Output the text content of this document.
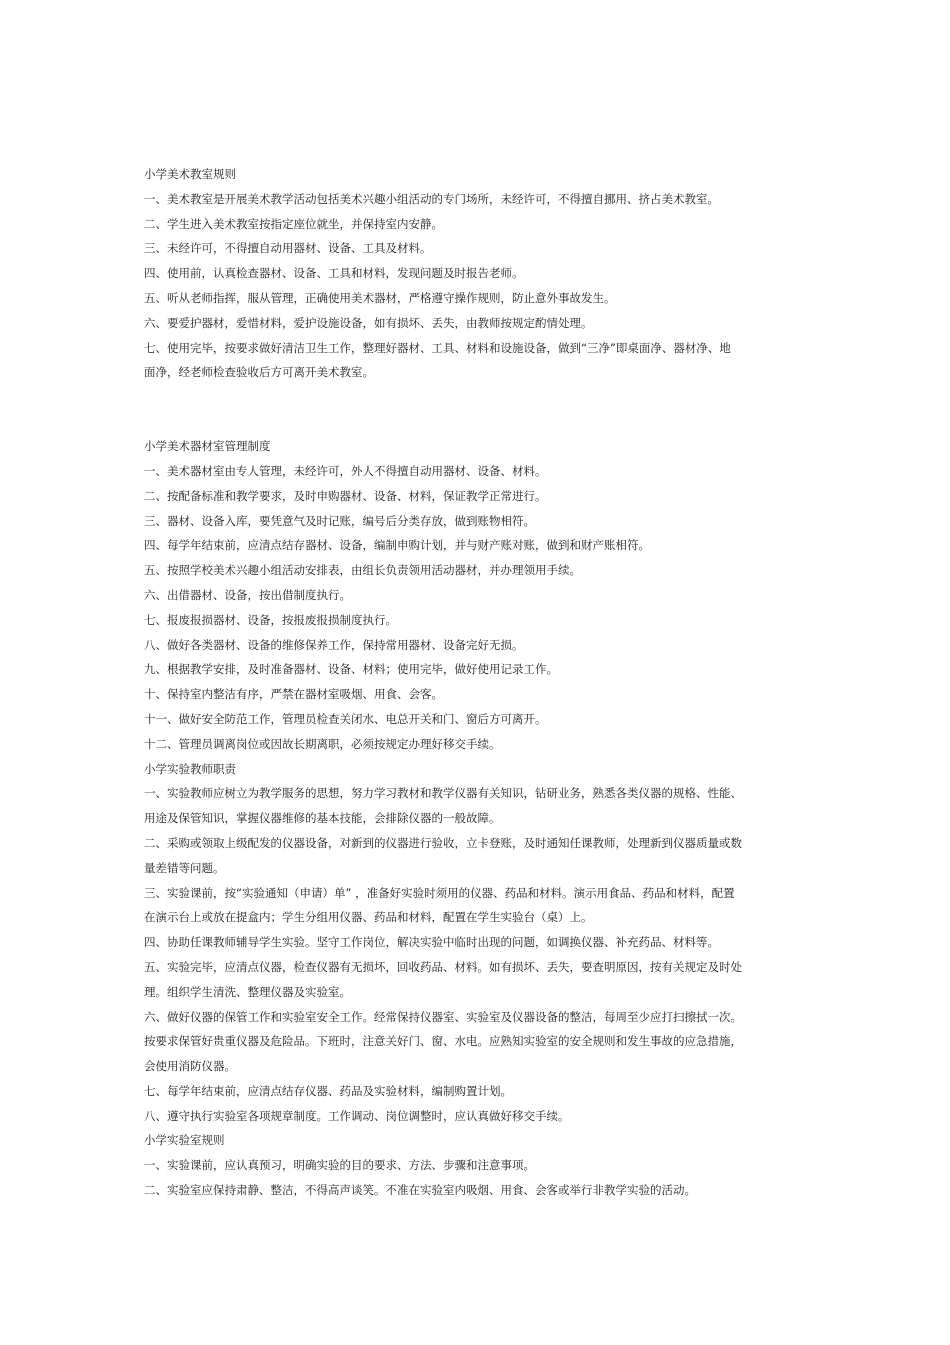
小学美术教室规则

一、美术教室是开展美术教学活动包括美术兴趣小组活动的专门场所，未经许可，不得擅自挪用、挤占美术教室。

二、学生进入美术教室按指定座位就坐，并保持室内安静。

三、未经许可，不得擅自动用器材、设备、工具及材料。

四、使用前，认真检查器材、设备、工具和材料，发现问题及时报告老师。

五、听从老师指挥，服从管理，正确使用美术器材，严格遵守操作规则，防止意外事故发生。

六、要爱护器材，爱惜材料，爱护设施设备，如有损坏、丢失，由教师按规定酌情处理。

七、使用完毕，按要求做好清洁卫生工作，整理好器材、工具、材料和设施设备，做到“三净”即桌面净、器材净、地

面净，经老师检查验收后方可离开美术教室。

小学美术器材室管理制度

一、美术器材室由专人管理，未经许可，外人不得擅自动用器材、设备、材料。

二、按配备标准和教学要求，及时申购器材、设备、材料，保证教学正常进行。

三、器材、设备入库，要凭意气及时记账，编号后分类存放，做到账物相符。

四、每学年结束前，应清点结存器材、设备，编制申购计划，并与财产账对账，做到和财产账相符。

五、按照学校美术兴趣小组活动安排表，由组长负责领用活动器材，并办理领用手续。

六、出借器材、设备，按出借制度执行。

七、报废报损器材、设备，按报废报损制度执行。

八、做好各类器材、设备的维修保养工作，保持常用器材、设备完好无损。

九、根据教学安排，及时准备器材、设备、材料；使用完毕，做好使用记录工作。

十、保持室内整洁有序，严禁在器材室吸烟、用食、会客。

十一、做好安全防范工作，管理员检查关闭水、电总开关和门、窗后方可离开。

十二、管理员调离岗位或因故长期离职，必须按规定办理好移交手续。

小学实验教师职责

一、实验教师应树立为教学服务的思想，努力学习教材和教学仪器有关知识，钻研业务，熟悉各类仪器的规格、性能、

用途及保管知识，掌握仪器维修的基本技能，会排除仪器的一般故障。

二、采购或领取上级配发的仪器设备，对新到的仪器进行验收，立卡登账，及时通知任课教师，处理新到仪器质量或数

量差错等问题。

三、实验课前，按“实验通知（申请）单” ，准备好实验时须用的仪器、药品和材料。演示用食品、药品和材料，配置

在演示台上或放在提盒内；学生分组用仪器、药品和材料，配置在学生实验台（桌）上。

四、协助任课教师辅导学生实验。坚守工作岗位，解决实验中临时出现的问题，如调换仪器、补充药品、材料等。

五、实验完毕，应清点仪器，检查仪器有无损坏，回收药品、材料。如有损坏、丢失，要查明原因，按有关规定及时处

理。组织学生清洗、整理仪器及实验室。

六、做好仪器的保管工作和实验室安全工作。经常保持仪器室、实验室及仪器设备的整洁，每周至少应打扫擦拭一次。

按要求保管好贵重仪器及危险品。下班时，注意关好门、窗、水电。应熟知实验室的安全规则和发生事故的应急措施，

会使用消防仪器。

七、每学年结束前，应清点结存仪器、药品及实验材料，编制购置计划。

八、遵守执行实验室各项规章制度。工作调动、岗位调整时，应认真做好移交手续。

小学实验室规则

一、实验课前，应认真预习，明确实验的目的要求、方法、步骤和注意事项。

二、实验室应保持肃静、整洁，不得高声谈笑。不准在实验室内吸烟、用食、会客或举行非教学实验的活动。
